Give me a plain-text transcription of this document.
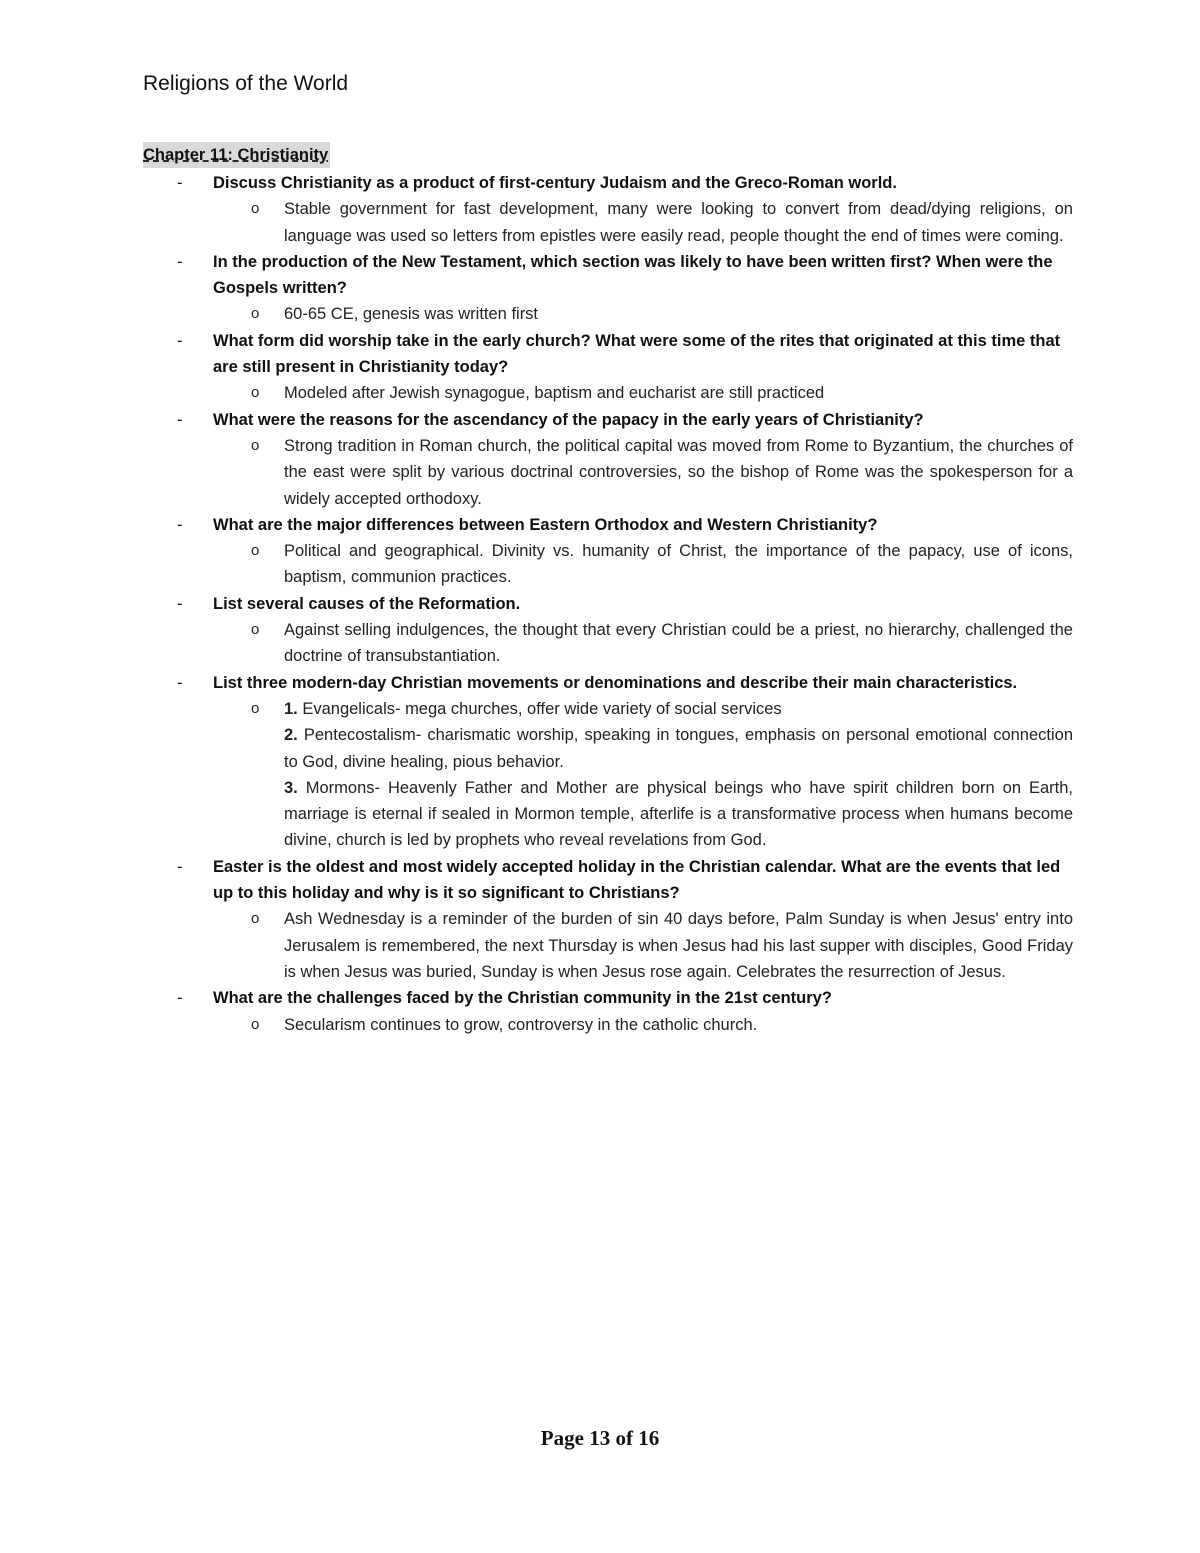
Religions of the World
Chapter 11: Christianity
- Discuss Christianity as a product of first-century Judaism and the Greco-Roman world.
o Stable government for fast development, many were looking to convert from dead/dying religions, on language was used so letters from epistles were easily read, people thought the end of times were coming.
- In the production of the New Testament, which section was likely to have been written first? When were the Gospels written?
o 60-65 CE, genesis was written first
- What form did worship take in the early church? What were some of the rites that originated at this time that are still present in Christianity today?
o Modeled after Jewish synagogue, baptism and eucharist are still practiced
- What were the reasons for the ascendancy of the papacy in the early years of Christianity?
o Strong tradition in Roman church, the political capital was moved from Rome to Byzantium, the churches of the east were split by various doctrinal controversies, so the bishop of Rome was the spokesperson for a widely accepted orthodoxy.
- What are the major differences between Eastern Orthodox and Western Christianity?
o Political and geographical. Divinity vs. humanity of Christ, the importance of the papacy, use of icons, baptism, communion practices.
- List several causes of the Reformation.
o Against selling indulgences, the thought that every Christian could be a priest, no hierarchy, challenged the doctrine of transubstantiation.
- List three modern-day Christian movements or denominations and describe their main characteristics.
o 1. Evangelicals- mega churches, offer wide variety of social services
2. Pentecostalism- charismatic worship, speaking in tongues, emphasis on personal emotional connection to God, divine healing, pious behavior.
3. Mormons- Heavenly Father and Mother are physical beings who have spirit children born on Earth, marriage is eternal if sealed in Mormon temple, afterlife is a transformative process when humans become divine, church is led by prophets who reveal revelations from God.
- Easter is the oldest and most widely accepted holiday in the Christian calendar. What are the events that led up to this holiday and why is it so significant to Christians?
o Ash Wednesday is a reminder of the burden of sin 40 days before, Palm Sunday is when Jesus' entry into Jerusalem is remembered, the next Thursday is when Jesus had his last supper with disciples, Good Friday is when Jesus was buried, Sunday is when Jesus rose again. Celebrates the resurrection of Jesus.
- What are the challenges faced by the Christian community in the 21st century?
o Secularism continues to grow, controversy in the catholic church.
Page 13 of 16
